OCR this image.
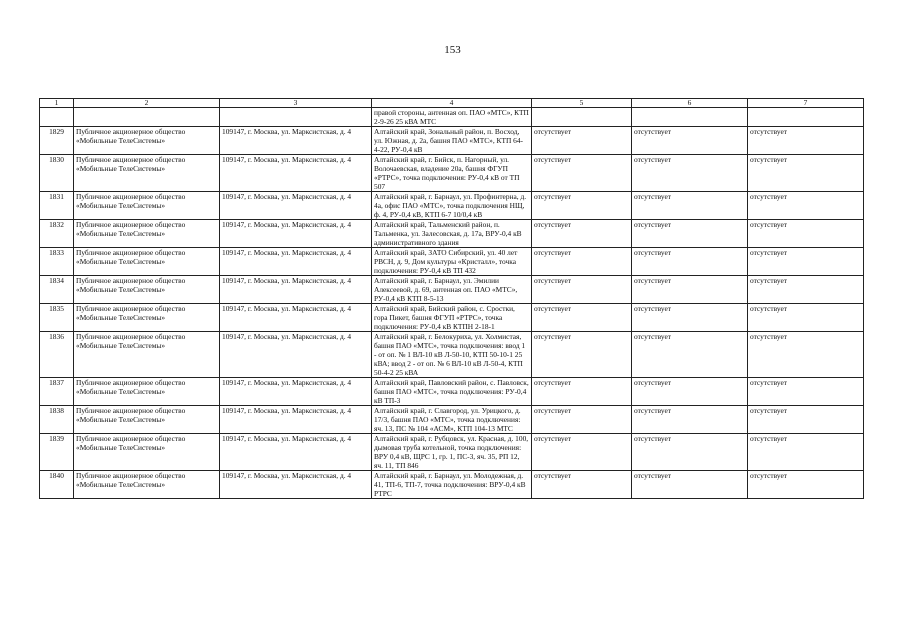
153
1	2	3	4	5	6	7
			правой стороны, антенная оп. ПАО «МТС», КТП 2-9-26 25 кВА МТС			
1829	Публичное акционерное общество «Мобильные ТелеСистемы»	109147, г. Москва, ул. Марксистская, д. 4	Алтайский край, Зональный район, п. Восход, ул. Южная, д. 2а, башня ПАО «МТС», КТП 64-4-22, РУ-0,4 кВ	отсутствует	отсутствует	отсутствует
1830	Публичное акционерное общество «Мобильные ТелеСистемы»	109147, г. Москва, ул. Марксистская, д. 4	Алтайский край, г. Бийск, п. Нагорный, ул. Волочаевская, владение 20а, башня ФГУП «РТРС», точка подключения: РУ-0,4 кВ от ТП 507	отсутствует	отсутствует	отсутствует
1831	Публичное акционерное общество «Мобильные ТелеСистемы»	109147, г. Москва, ул. Марксистская, д. 4	Алтайский край, г. Барнаул, ул. Профинтерна, д. 4а, офис ПАО «МТС», точка подключения НЩ, ф. 4, РУ-0,4 кВ, КТП 6-7 10/0,4 кВ	отсутствует	отсутствует	отсутствует
1832	Публичное акционерное общество «Мобильные ТелеСистемы»	109147, г. Москва, ул. Марксистская, д. 4	Алтайский край, Тальменский район, п. Тальменка, ул. Залесовская, д. 17а, ВРУ-0,4 кВ административного здания	отсутствует	отсутствует	отсутствует
1833	Публичное акционерное общество «Мобильные ТелеСистемы»	109147, г. Москва, ул. Марксистская, д. 4	Алтайский край, ЗАТО Сибирский, ул. 40 лет РВСН, д. 9, Дом культуры «Кристалл», точка подключения: РУ-0,4 кВ ТП 432	отсутствует	отсутствует	отсутствует
1834	Публичное акционерное общество «Мобильные ТелеСистемы»	109147, г. Москва, ул. Марксистская, д. 4	Алтайский край, г. Барнаул, ул. Эмилии Алексеевой, д. 69, антенная оп. ПАО «МТС», РУ-0,4 кВ КТП 8-5-13	отсутствует	отсутствует	отсутствует
1835	Публичное акционерное общество «Мобильные ТелеСистемы»	109147, г. Москва, ул. Марксистская, д. 4	Алтайский край, Бийский район, с. Сростки, гора Пикет, башня ФГУП «РТРС», точка подключения: РУ-0,4 кВ КТПН 2-18-1	отсутствует	отсутствует	отсутствует
1836	Публичное акционерное общество «Мобильные ТелеСистемы»	109147, г. Москва, ул. Марксистская, д. 4	Алтайский край, г. Белокуриха, ул. Холмистая, башня ПАО «МТС», точка подключения: ввод 1 - от оп. № 1 ВЛ-10 кВ Л-50-10, КТП 50-10-1 25 кВА; ввод 2 - от оп. № 6 ВЛ-10 кВ Л-50-4, КТП 50-4-2 25 кВА	отсутствует	отсутствует	отсутствует
1837	Публичное акционерное общество «Мобильные ТелеСистемы»	109147, г. Москва, ул. Марксистская, д. 4	Алтайский край, Павловский район, с. Павловск, башня ПАО «МТС», точка подключения: РУ-0,4 кВ ТП-3	отсутствует	отсутствует	отсутствует
1838	Публичное акционерное общество «Мобильные ТелеСистемы»	109147, г. Москва, ул. Марксистская, д. 4	Алтайский край, г. Славгород, ул. Урицкого, д. 17/3, башня ПАО «МТС», точка подключения: яч. 13, ПС № 104 «АСМ», КТП 104-13 МТС	отсутствует	отсутствует	отсутствует
1839	Публичное акционерное общество «Мобильные ТелеСистемы»	109147, г. Москва, ул. Марксистская, д. 4	Алтайский край, г. Рубцовск, ул. Красная, д. 100, дымовая труба котельной, точка подключения: ВРУ 0,4 кВ, ЩРС 1, гр. 1, ПС-3, яч. 35, РП 12, яч. 11, ТП 846	отсутствует	отсутствует	отсутствует
1840	Публичное акционерное общество «Мобильные ТелеСистемы»	109147, г. Москва, ул. Марксистская, д. 4	Алтайский край, г. Барнаул, ул. Молодежная, д. 41, ТП-6, ТП-7, точка подключения: ВРУ-0,4 кВ РТРС	отсутствует	отсутствует	отсутствует
